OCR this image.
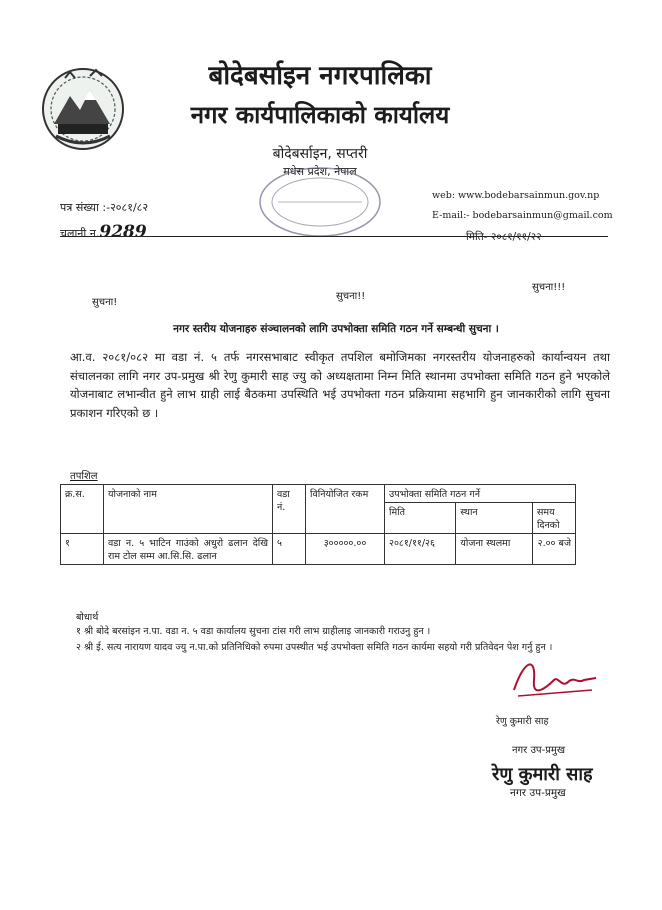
बोदेबर्साइन नगरपालिका
नगर कार्यपालिकाको कार्यालय
बोदेबर्साइन, सप्तरी
मधेस प्रदेश, नेपाल
पत्र संख्या :-२०८१/८२
चलानी न.9289
web: www.bodebarsainmun.gov.np
E-mail:- bodebarsainmun@gmail.com
मिति- २०८१/११/२२
सुचना!
सुचना!!
सुचना!!!
नगर स्तरीय योजनाहरु संञ्चालनको लागि उपभोक्ता समिति गठन गर्ने सम्बन्धी सुचना ।
आ.व. २०८१/०८२ मा वडा नं. ५ तर्फ नगरसभाबाट स्वीकृत तपशिल बमोजिमका नगरस्तरीय योजनाहरुको कार्यान्वयन तथा संचालनका लागि नगर उप-प्रमुख श्री रेणु कुमारी साह ज्यु को अध्यक्षतामा निम्न मिति स्थानमा उपभोक्ता समिति गठन हुने भएकोले योजनाबाट लभान्वीत हुने लाभ ग्राही लाई बैठकमा उपस्थिति भई उपभोक्ता गठन प्रक्रियामा सहभागि हुन जानकारीको लागि सुचना प्रकाशन गरिएको छ ।
तपशिल
क्र.स.	योजनाको नाम	वडा नं.	विनियोजित रकम	उपभोक्ता समिति गठन गर्ने		
				मिति	स्थान	समय दिनको
१	वडा न. ५ भाटिन गाउंको अधुरो ढलान देखि राम टोल सम्म आ.सि.सि. ढलान	५	३०००००.००	२०८१/११/२६	योजना स्थलमा	२.०० बजे
बोधार्थ
१ श्री बोदे बरसांइन न.पा. वडा न. ५ वडा कार्यालय सुचना टांस गरी लाभ ग्राहीलाइ जानकारी गराउनु हुन ।
२ श्री ई. सत्य नारायण यादव ज्यु न.पा.को प्रतिनिधिको रुपमा उपस्थीत भई उपभोक्ता समिति गठन कार्यमा सहयो गरी प्रतिवेदन पेश गर्नु हुन ।
रेणु कुमारी साह
नगर उप-प्रमुख
रेणु कुमारी साह
नगर उप-प्रमुख
